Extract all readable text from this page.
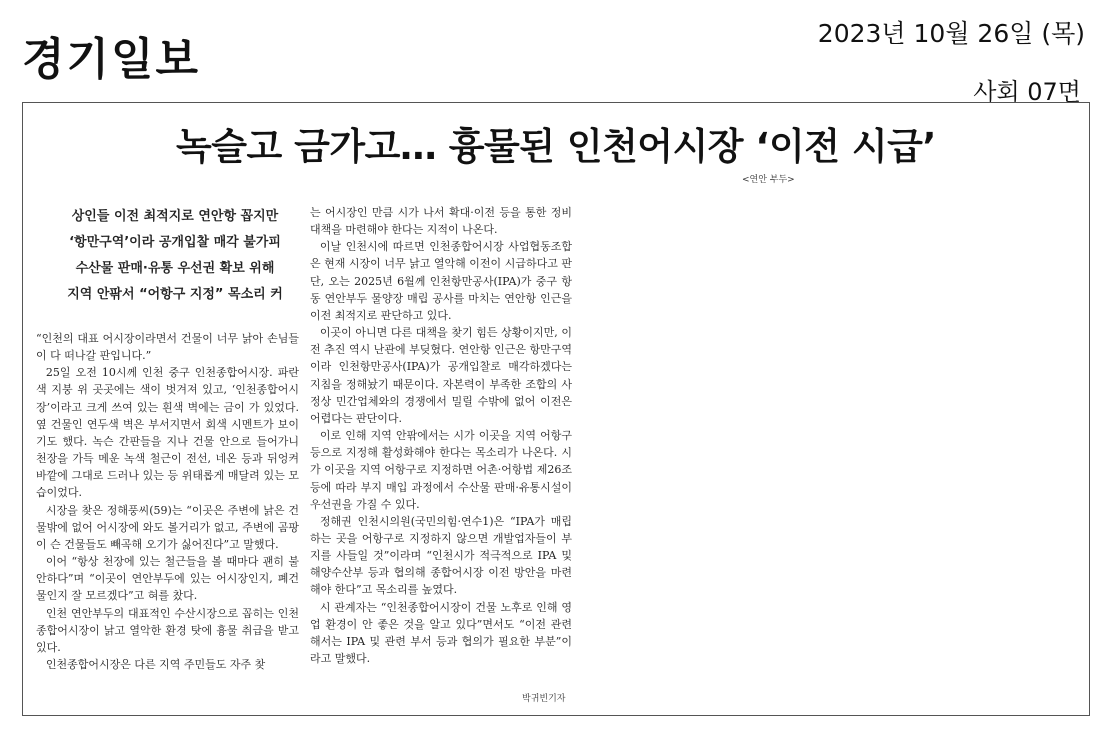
경기일보
2023년 10월 26일 (목)
사회 07면
녹슬고 금가고… 흉물된 인천어시장 ‘이전 시급’
<연안 부두>
상인들 이전 최적지로 연안항 꼽지만
‘항만구역’이라 공개입찰 매각 불가피
수산물 판매·유통 우선권 확보 위해
지역 안팎서 “어항구 지정” 목소리 커

“인천의 대표 어시장이라면서 건물이 너무 낡아 손님들이 다 떠나갈 판입니다.”

25일 오전 10시께 인천 중구 인천종합어시장. 파란색 지붕 위 곳곳에는 색이 벗겨져 있고, ‘인천종합어시장’이라고 크게 쓰여 있는 흰색 벽에는 금이 가 있었다. 옆 건물인 연두색 벽은 부서지면서 회색 시멘트가 보이기도 했다. 녹슨 간판들을 지나 건물 안으로 들어가니 천장을 가득 메운 녹색 철근이 전선, 네온 등과 뒤엉켜 바깥에 그대로 드러나 있는 등 위태롭게 매달려 있는 모습이었다.

시장을 찾은 정해풍씨(59)는 “이곳은 주변에 낡은 건물밖에 없어 어시장에 와도 볼거리가 없고, 주변에 곰팡이 슨 건물들도 빼곡해 오기가 싫어진다”고 말했다.

이어 “항상 천장에 있는 철근들을 볼 때마다 괜히 불안하다”며 “이곳이 연안부두에 있는 어시장인지, 폐건물인지 잘 모르겠다”고 혀를 찼다.

인천 연안부두의 대표적인 수산시장으로 꼽히는 인천종합어시장이 낡고 열악한 환경 탓에 흉물 취급을 받고 있다.

인천종합어시장은 다른 지역 주민들도 자주 찾

는 어시장인 만큼 시가 나서 확대·이전 등을 통한 정비 대책을 마련해야 한다는 지적이 나온다.

이날 인천시에 따르면 인천종합어시장 사업협동조합은 현재 시장이 너무 낡고 열악해 이전이 시급하다고 판단, 오는 2025년 6월께 인천항만공사(IPA)가 중구 항동 연안부두 물양장 매립 공사를 마치는 연안항 인근을 이전 최적지로 판단하고 있다.

이곳이 아니면 다른 대책을 찾기 힘든 상황이지만, 이전 추진 역시 난관에 부딪혔다. 연안항 인근은 항만구역이라 인천항만공사(IPA)가 공개입찰로 매각하겠다는 지침을 정해놨기 때문이다. 자본력이 부족한 조합의 사정상 민간업체와의 경쟁에서 밀릴 수밖에 없어 이전은 어렵다는 판단이다.

이로 인해 지역 안팎에서는 시가 이곳을 지역 어항구 등으로 지정해 활성화해야 한다는 목소리가 나온다. 시가 이곳을 지역 어항구로 지정하면 어촌·어항법 제26조 등에 따라 부지 매입 과정에서 수산물 판매·유통시설이 우선권을 가질 수 있다.

정해권 인천시의원(국민의힘·연수1)은 “IPA가 매립하는 곳을 어항구로 지정하지 않으면 개발업자들이 부지를 사들일 것”이라며 “인천시가 적극적으로 IPA 및 해양수산부 등과 협의해 종합어시장 이전 방안을 마련해야 한다”고 목소리를 높였다.

시 관계자는 “인천종합어시장이 건물 노후로 인해 영업 환경이 안 좋은 것을 알고 있다”면서도 “이전 관련해서는 IPA 및 관련 부서 등과 협의가 필요한 부분”이라고 말했다.

박귀빈기자
